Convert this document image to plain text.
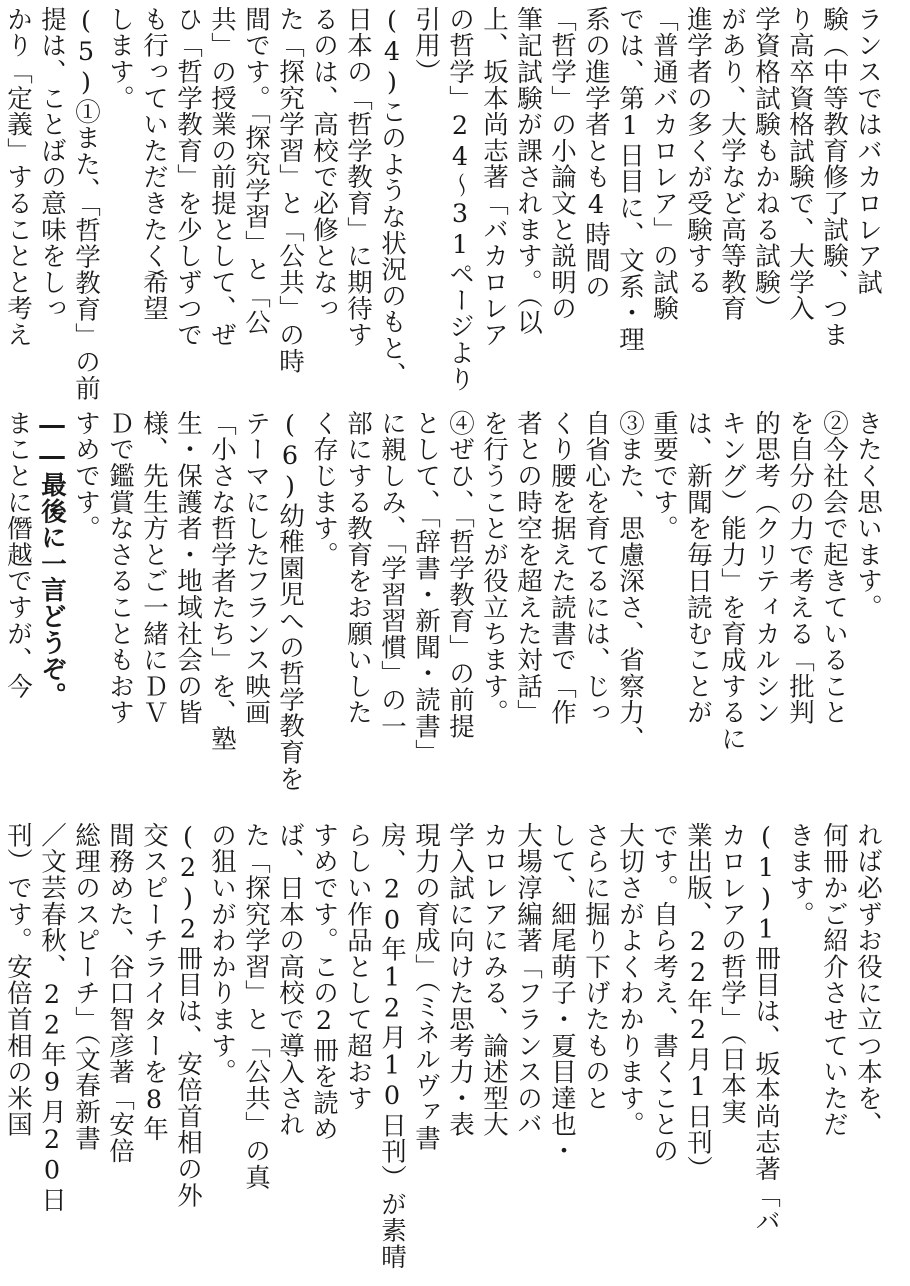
ランスではバカロレア試
験（中等教育修了試験、つま
り高卒資格試験で、大学入
学資格試験もかねる試験）
があり、大学など高等教育
進学者の多くが受験する
「普通バカロレア」の試験
では、第1日目に、文系・理
系の進学者とも4時間の
「哲学」の小論文と説明の
筆記試験が課されます。（以
上、坂本尚志著「バカロレア
の哲学」24〜31ページより
引用）
(4)このような状況のもと、
日本の「哲学教育」に期待す
るのは、高校で必修となっ
た「探究学習」と「公共」の時
間です。「探究学習」と「公
共」の授業の前提として、ぜ
ひ「哲学教育」を少しずつで
も行っていただきたく希望
します。
(5)①また、「哲学教育」の前
提は、ことばの意味をしっ
かり「定義」することと考え
きたく思います。
②今社会で起きていること
を自分の力で考える「批判
的思考（クリティカルシン
キング）能力」を育成するに
は、新聞を毎日読むことが
重要です。
③また、思慮深さ、省察力、
自省心を育てるには、じっ
くり腰を据えた読書で「作
者との時空を超えた対話」
を行うことが役立ちます。
④ぜひ、「哲学教育」の前提
として、「辞書・新聞・読書」
に親しみ、「学習習慣」の一
部にする教育をお願いした
く存じます。
(6)幼稚園児への哲学教育を
テーマにしたフランス映画
「小さな哲学者たち」を、塾
生・保護者・地域社会の皆
様、先生方とご一緒にＤＶ
Ｄで鑑賞なさることもおす
すめです。
――最後に一言どうぞ。
まことに僭越ですが、今
れば必ずお役に立つ本を、
何冊かご紹介させていただ
きます。
(1)1冊目は、坂本尚志著「バ
カロレアの哲学」（日本実
業出版、22年2月1日刊）
です。自ら考え、書くことの
大切さがよくわかります。
さらに掘り下げたものと
して、細尾萌子・夏目達也・
大場淳編著「フランスのバ
カロレアにみる、論述型大
学入試に向けた思考力・表
現力の育成」（ミネルヴァ書
房、20年12月10日刊）が素晴
らしい作品として超おす
すめです。この2冊を読め
ば、日本の高校で導入され
た「探究学習」と「公共」の真
の狙いがわかります。
(2)2冊目は、安倍首相の外
交スピーチライターを8年
間務めた、谷口智彦著「安倍
総理のスピーチ」（文春新書
／文芸春秋、22年9月20日
刊）です。安倍首相の米国
